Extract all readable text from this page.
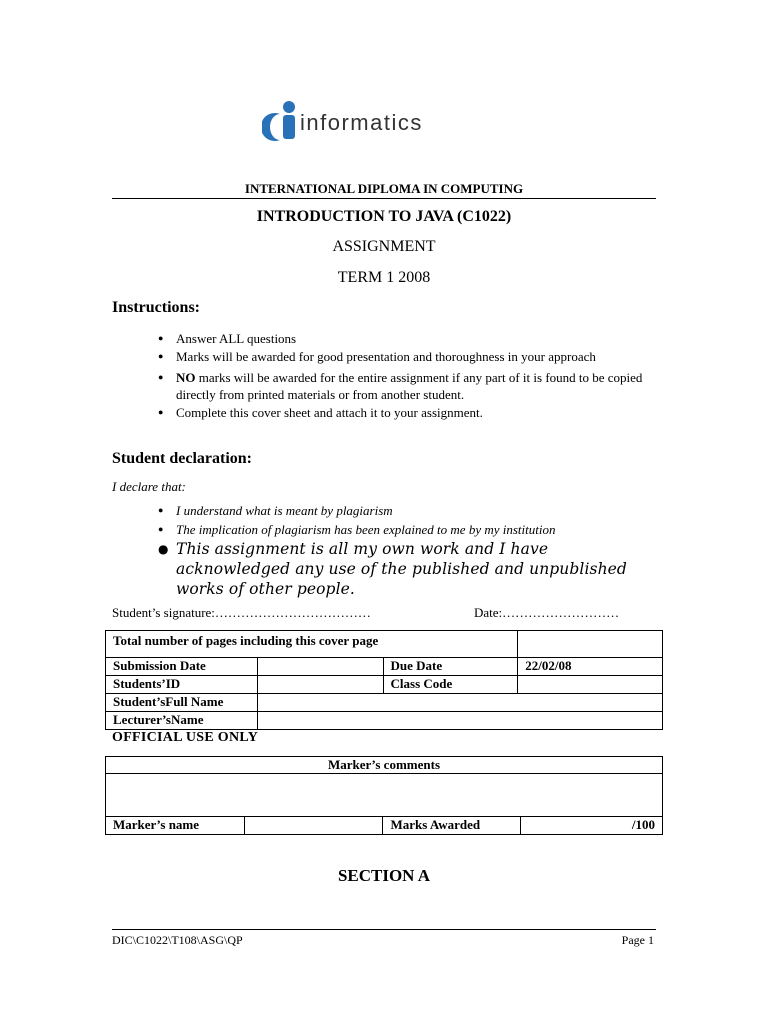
informatics
INTERNATIONAL DIPLOMA IN COMPUTING
INTRODUCTION TO JAVA (C1022)
ASSIGNMENT
TERM 1 2008
Instructions:
● Answer ALL questions
● Marks will be awarded for good presentation and thoroughness in your approach
● NO marks will be awarded for the entire assignment if any part of it is found to be copied directly from printed materials or from another student.
● Complete this cover sheet and attach it to your assignment.
Student declaration:
I declare that:
● I understand what is meant by plagiarism
● The implication of plagiarism has been explained to me by my institution
● This assignment is all my own work and I have acknowledged any use of the published and unpublished works of other people.
Student’s signature:………………………………	Date:………………………
Total number of pages including this cover page			
Submission Date		Due Date	22/02/08
Students’ID		Class Code	
Student’sFull Name			
Lecturer’sName			
OFFICIAL USE ONLY
Marker’s comments

Marker’s name		Marks Awarded	/100
SECTION A
DIC\C1022\T108\ASG\QP	Page 1
